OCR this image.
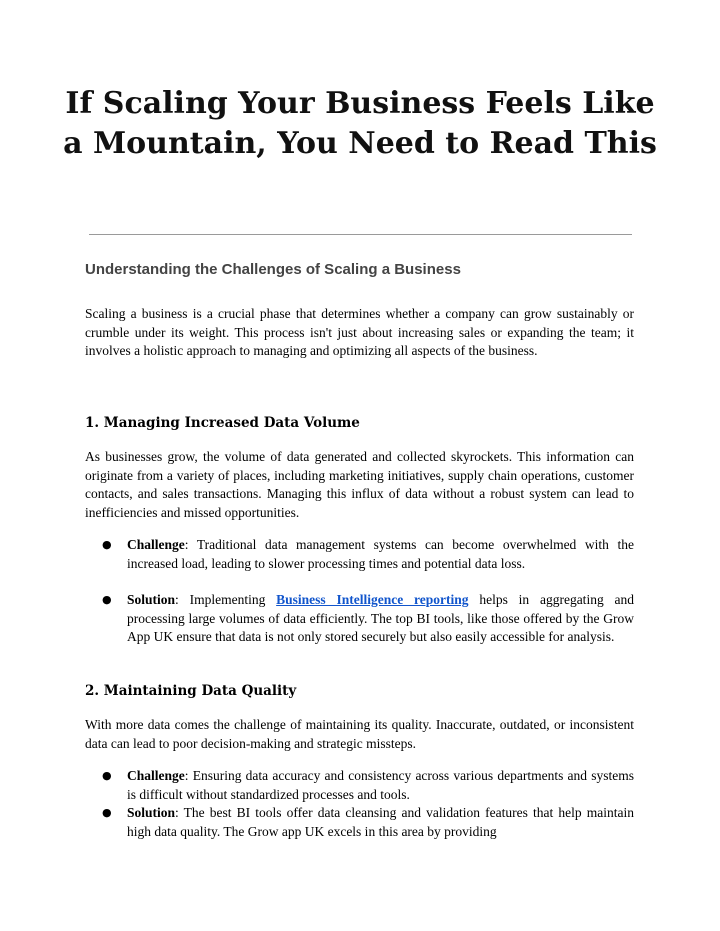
If Scaling Your Business Feels Like a Mountain, You Need to Read This
Understanding the Challenges of Scaling a Business

Scaling a business is a crucial phase that determines whether a company can grow sustainably or crumble under its weight. This process isn't just about increasing sales or expanding the team; it involves a holistic approach to managing and optimizing all aspects of the business.

1. Managing Increased Data Volume

As businesses grow, the volume of data generated and collected skyrockets. This information can originate from a variety of places, including marketing initiatives, supply chain operations, customer contacts, and sales transactions. Managing this influx of data without a robust system can lead to inefficiencies and missed opportunities.

●	Challenge: Traditional data management systems can become overwhelmed with the increased load, leading to slower processing times and potential data loss.

●	Solution: Implementing Business Intelligence reporting helps in aggregating and processing large volumes of data efficiently. The top BI tools, like those offered by the Grow App UK ensure that data is not only stored securely but also easily accessible for analysis.

2. Maintaining Data Quality

With more data comes the challenge of maintaining its quality. Inaccurate, outdated, or inconsistent data can lead to poor decision-making and strategic missteps.

●	Challenge: Ensuring data accuracy and consistency across various departments and systems is difficult without standardized processes and tools.

●	Solution: The best BI tools offer data cleansing and validation features that help maintain high data quality. The Grow app UK excels in this area by providing
